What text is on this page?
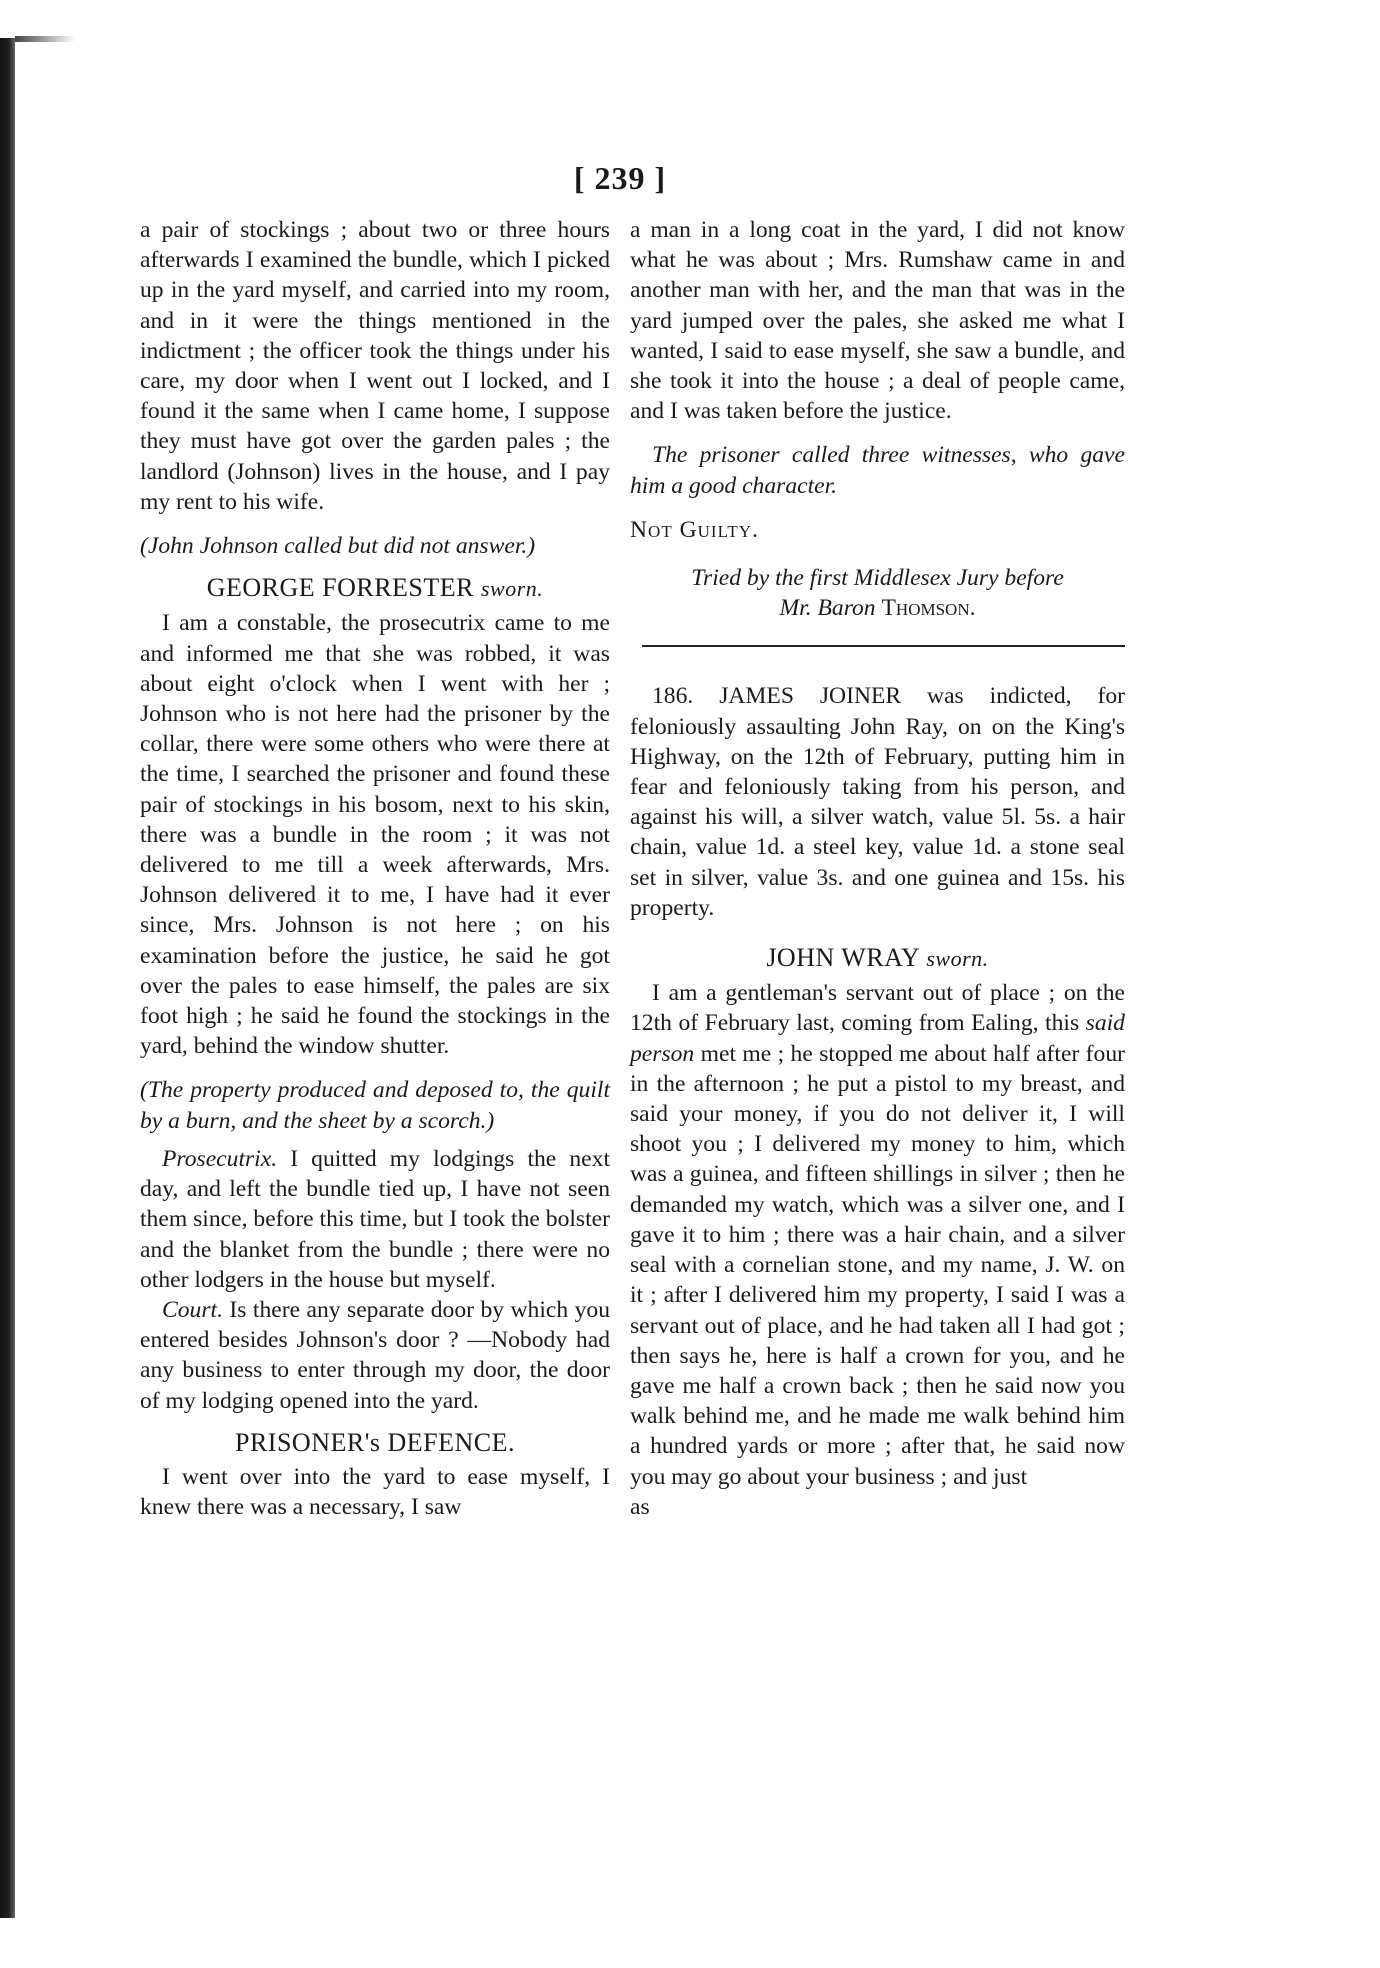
[ 239 ]

a pair of stockings ; about two or three hours afterwards I examined the bundle, which I picked up in the yard myself, and carried into my room, and in it were the things mentioned in the indictment ; the officer took the things under his care, my door when I went out I locked, and I found it the same when I came home, I suppose they must have got over the garden pales ; the landlord (Johnson) lives in the house, and I pay my rent to his wife.

(John Johnson called but did not answer.)

GEORGE FORRESTER sworn.

I am a constable, the prosecutrix came to me and informed me that she was robbed, it was about eight o'clock when I went with her ; Johnson who is not here had the prisoner by the collar, there were some others who were there at the time, I searched the prisoner and found these pair of stockings in his bosom, next to his skin, there was a bundle in the room ; it was not delivered to me till a week afterwards, Mrs. Johnson delivered it to me, I have had it ever since, Mrs. Johnson is not here ; on his examination before the justice, he said he got over the pales to ease himself, the pales are six foot high ; he said he found the stockings in the yard, behind the window shutter.

(The property produced and deposed to, the quilt by a burn, and the sheet by a scorch.)

Prosecutrix. I quitted my lodgings the next day, and left the bundle tied up, I have not seen them since, before this time, but I took the bolster and the blanket from the bundle ; there were no other lodgers in the house but myself.

Court. Is there any separate door by which you entered besides Johnson's door ? —Nobody had any business to enter through my door, the door of my lodging opened into the yard.

PRISONER's DEFENCE.

I went over into the yard to ease myself, I knew there was a necessary, I saw

a man in a long coat in the yard, I did not know what he was about ; Mrs. Rumshaw came in and another man with her, and the man that was in the yard jumped over the pales, she asked me what I wanted, I said to ease myself, she saw a bundle, and she took it into the house ; a deal of people came, and I was taken before the justice.

The prisoner called three witnesses, who gave him a good character.

Not Guilty.

Tried by the first Middlesex Jury before
Mr. Baron Thomson.

186. JAMES JOINER was indicted, for feloniously assaulting John Ray, on on the King's Highway, on the 12th of February, putting him in fear and feloniously taking from his person, and against his will, a silver watch, value 5l. 5s. a hair chain, value 1d. a steel key, value 1d. a stone seal set in silver, value 3s. and one guinea and 15s. his property.

JOHN WRAY sworn.

I am a gentleman's servant out of place ; on the 12th of February last, coming from Ealing, this said person met me ; he stopped me about half after four in the afternoon ; he put a pistol to my breast, and said your money, if you do not deliver it, I will shoot you ; I delivered my money to him, which was a guinea, and fifteen shillings in silver ; then he demanded my watch, which was a silver one, and I gave it to him ; there was a hair chain, and a silver seal with a cornelian stone, and my name, J. W. on it ; after I delivered him my property, I said I was a servant out of place, and he had taken all I had got ; then says he, here is half a crown for you, and he gave me half a crown back ; then he said now you walk behind me, and he made me walk behind him a hundred yards or more ; after that, he said now you may go about your business ; and just

as
